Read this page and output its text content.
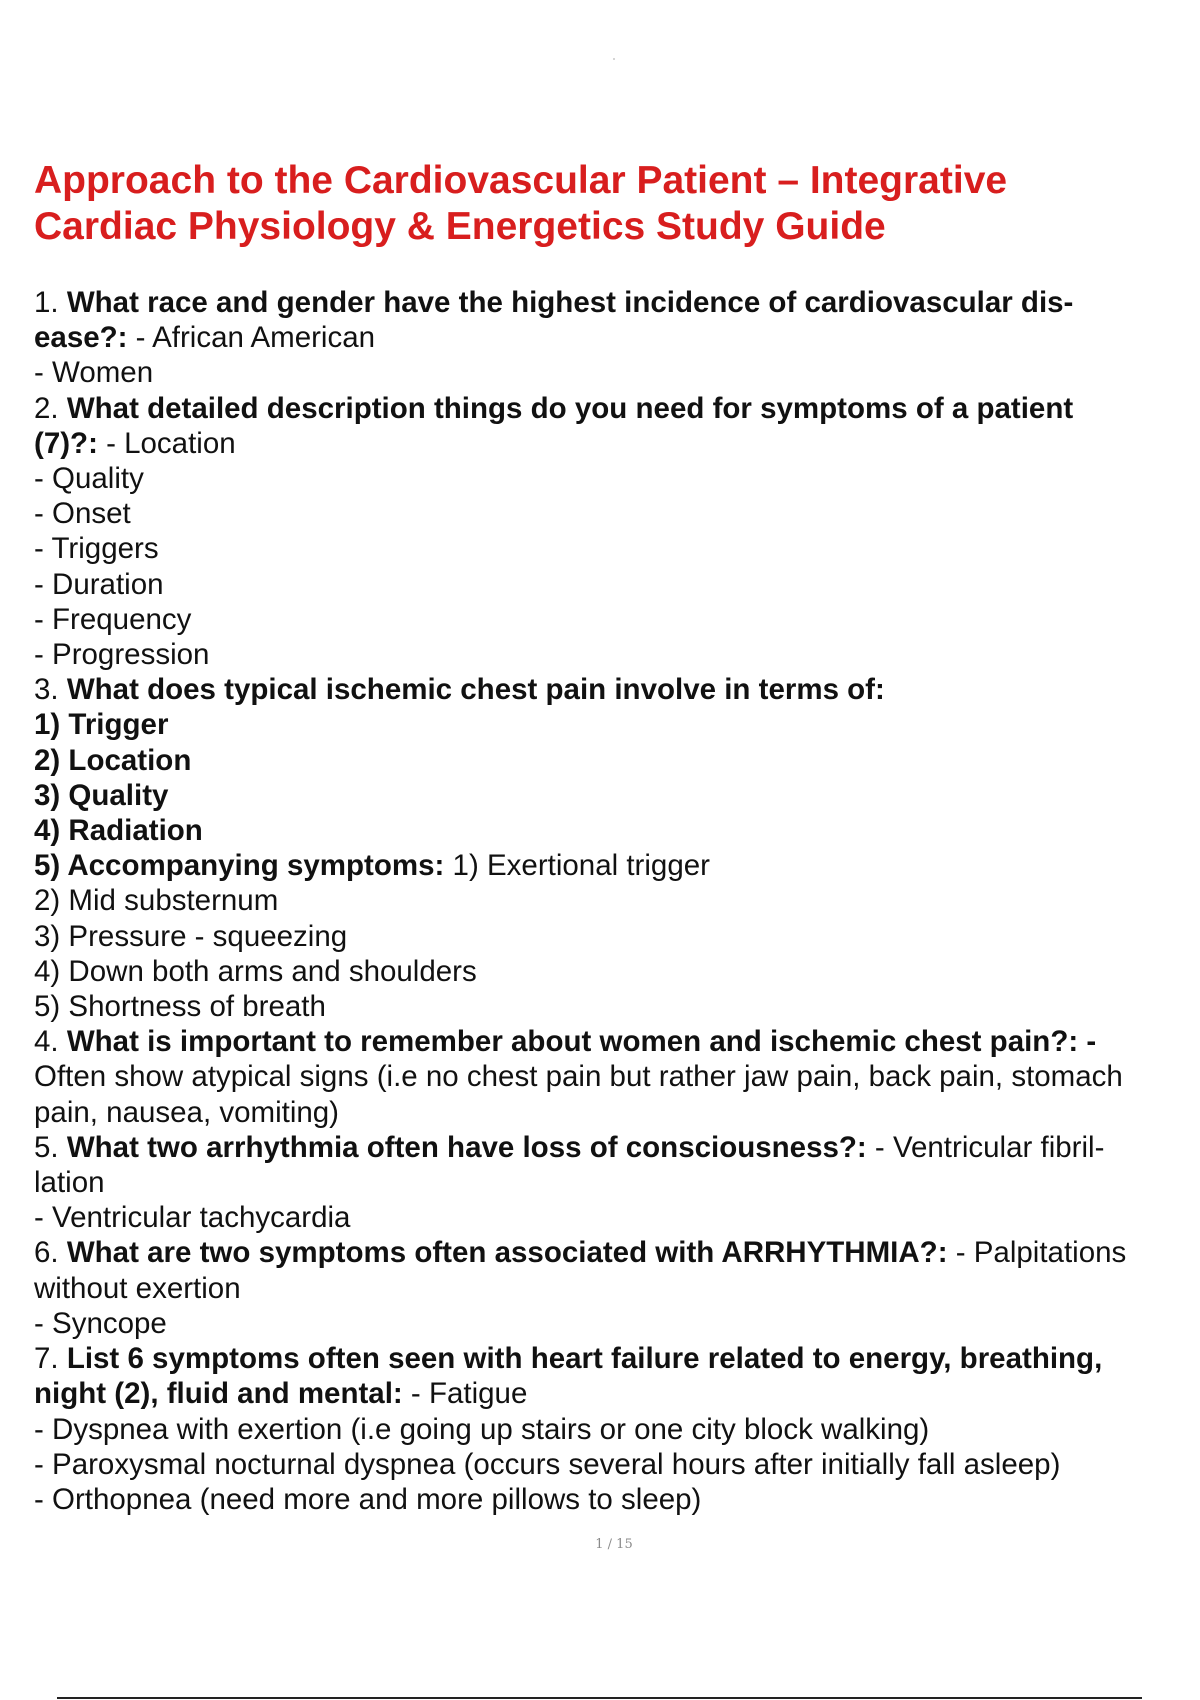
Approach to the Cardiovascular Patient – Integrative
Cardiac Physiology & Energetics Study Guide

1. What race and gender have the highest incidence of cardiovascular dis-

ease?: - African American

- Women

2. What detailed description things do you need for symptoms of a patient

(7)?: - Location

- Quality

- Onset

- Triggers

- Duration

- Frequency

- Progression

3. What does typical ischemic chest pain involve in terms of:

1) Trigger

2) Location

3) Quality

4) Radiation

5) Accompanying symptoms: 1) Exertional trigger

2) Mid substernum

3) Pressure - squeezing

4) Down both arms and shoulders

5) Shortness of breath

4. What is important to remember about women and ischemic chest pain?: -

Often show atypical signs (i.e no chest pain but rather jaw pain, back pain, stomach

pain, nausea, vomiting)

5. What two arrhythmia often have loss of consciousness?: - Ventricular fibril-

lation

- Ventricular tachycardia

6. What are two symptoms often associated with ARRHYTHMIA?: - Palpitations

without exertion

- Syncope

7. List 6 symptoms often seen with heart failure related to energy, breathing,

night (2), fluid and mental: - Fatigue

- Dyspnea with exertion (i.e going up stairs or one city block walking)

- Paroxysmal nocturnal dyspnea (occurs several hours after initially fall asleep)

- Orthopnea (need more and more pillows to sleep)

1 / 15
